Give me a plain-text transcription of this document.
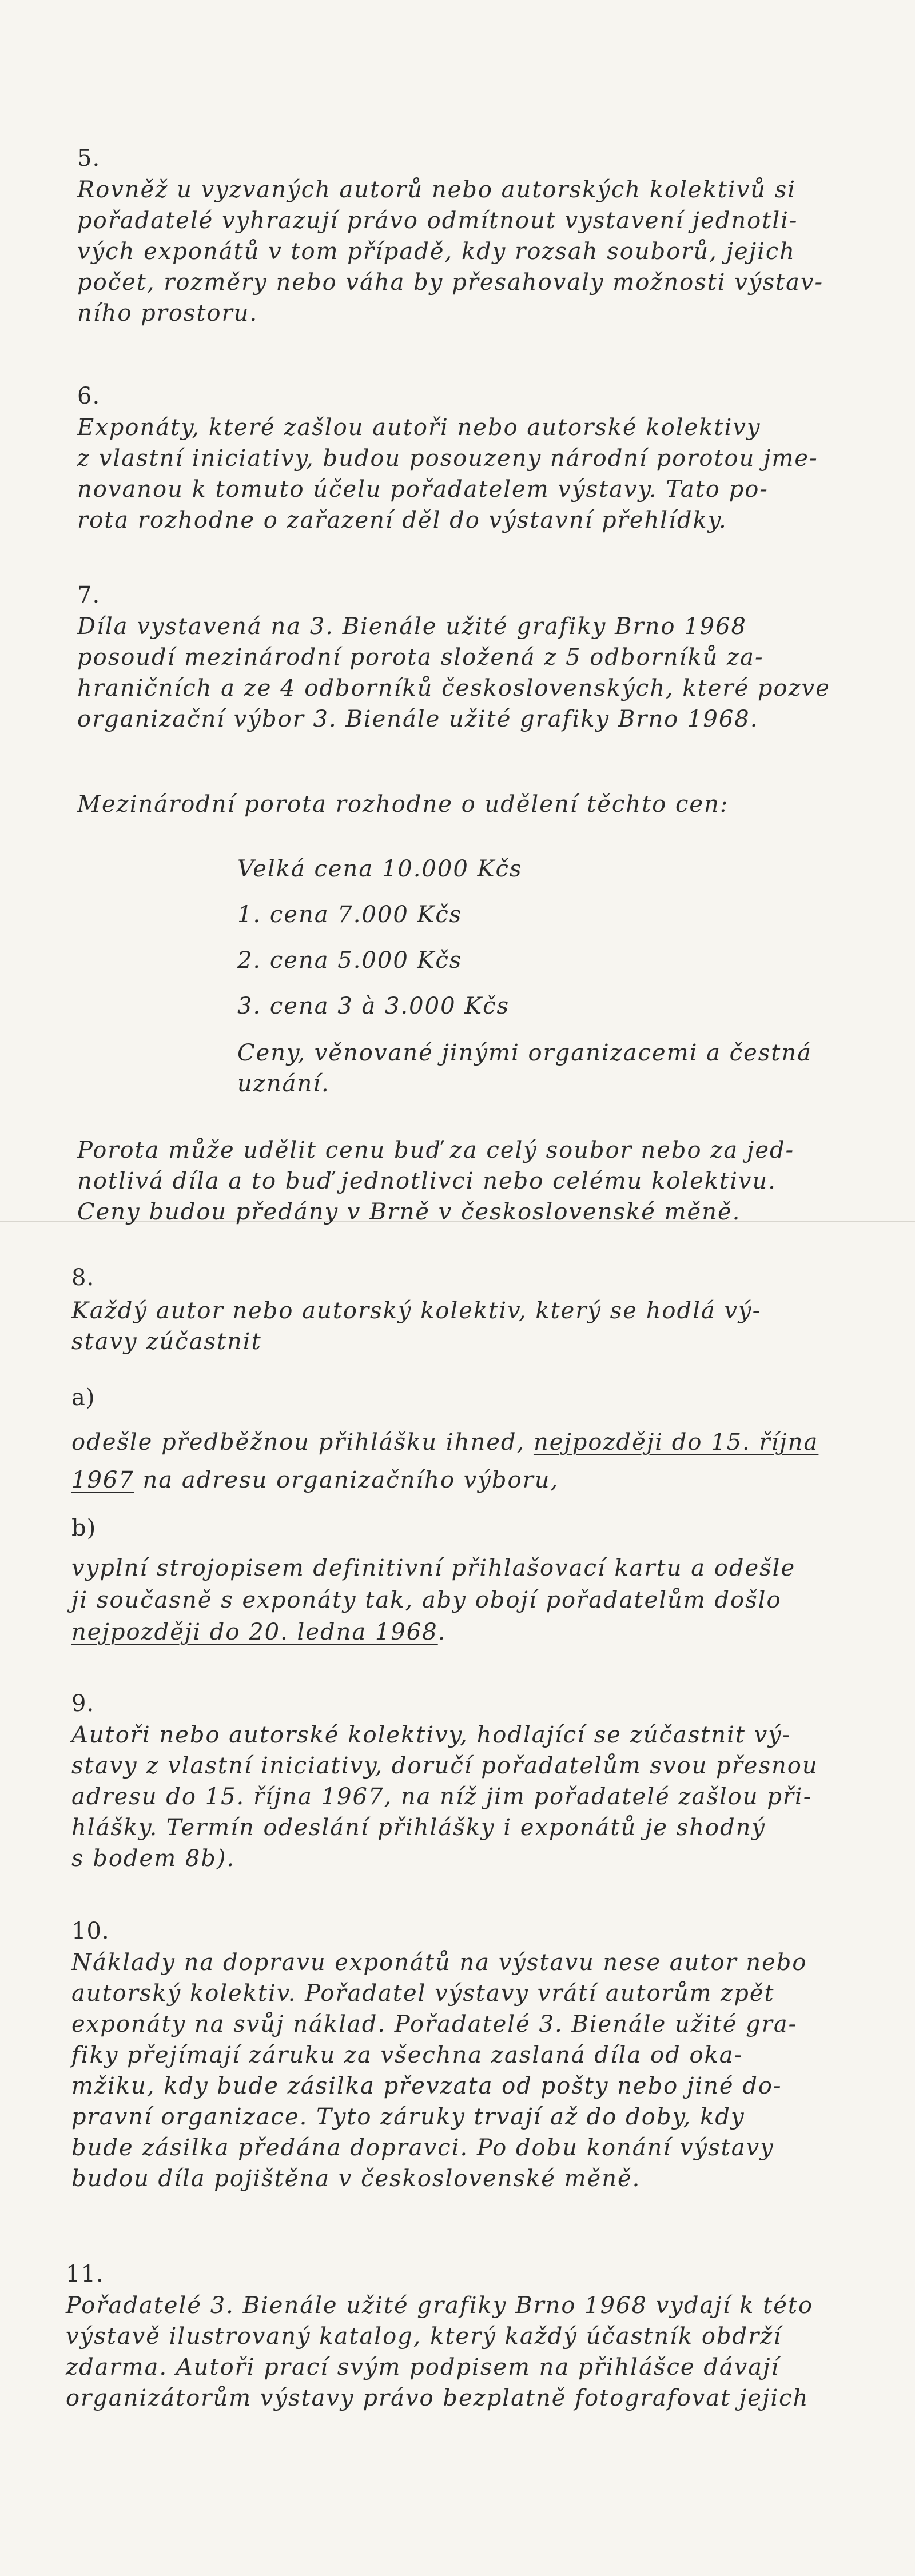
5.
Rovněž u vyzvaných autorů nebo autorských kolektivů si
pořadatelé vyhrazují právo odmítnout vystavení jednotli-
vých exponátů v tom případě, kdy rozsah souborů, jejich
počet, rozměry nebo váha by přesahovaly možnosti výstav-
ního prostoru.
6.
Exponáty, které zašlou autoři nebo autorské kolektivy
z vlastní iniciativy, budou posouzeny národní porotou jme-
novanou k tomuto účelu pořadatelem výstavy. Tato po-
rota rozhodne o zařazení děl do výstavní přehlídky.
7.
Díla vystavená na 3. Bienále užité grafiky Brno 1968
posoudí mezinárodní porota složená z 5 odborníků za-
hraničních a ze 4 odborníků československých, které pozve
organizační výbor 3. Bienále užité grafiky Brno 1968.
Mezinárodní porota rozhodne o udělení těchto cen:
Velká cena 10.000 Kčs
1. cena 7.000 Kčs
2. cena 5.000 Kčs
3. cena 3 à 3.000 Kčs
Ceny, věnované jinými organizacemi a čestná
uznání.
Porota může udělit cenu buď za celý soubor nebo za jed-
notlivá díla a to buď jednotlivci nebo celému kolektivu.
Ceny budou předány v Brně v československé měně.
8.
Každý autor nebo autorský kolektiv, který se hodlá vý-
stavy zúčastnit
a)
odešle předběžnou přihlášku ihned, nejpozději do 15. října
1967 na adresu organizačního výboru,
b)
vyplní strojopisem definitivní přihlašovací kartu a odešle
ji současně s exponáty tak, aby obojí pořadatelům došlo
nejpozději do 20. ledna 1968.
9.
Autoři nebo autorské kolektivy, hodlající se zúčastnit vý-
stavy z vlastní iniciativy, doručí pořadatelům svou přesnou
adresu do 15. října 1967, na níž jim pořadatelé zašlou při-
hlášky. Termín odeslání přihlášky i exponátů je shodný
s bodem 8b).
10.
Náklady na dopravu exponátů na výstavu nese autor nebo
autorský kolektiv. Pořadatel výstavy vrátí autorům zpět
exponáty na svůj náklad. Pořadatelé 3. Bienále užité gra-
fiky přejímají záruku za všechna zaslaná díla od oka-
mžiku, kdy bude zásilka převzata od pošty nebo jiné do-
pravní organizace. Tyto záruky trvají až do doby, kdy
bude zásilka předána dopravci. Po dobu konání výstavy
budou díla pojištěna v československé měně.
11.
Pořadatelé 3. Bienále užité grafiky Brno 1968 vydají k této
výstavě ilustrovaný katalog, který každý účastník obdrží
zdarma. Autoři prací svým podpisem na přihlášce dávají
organizátorům výstavy právo bezplatně fotografovat jejich
